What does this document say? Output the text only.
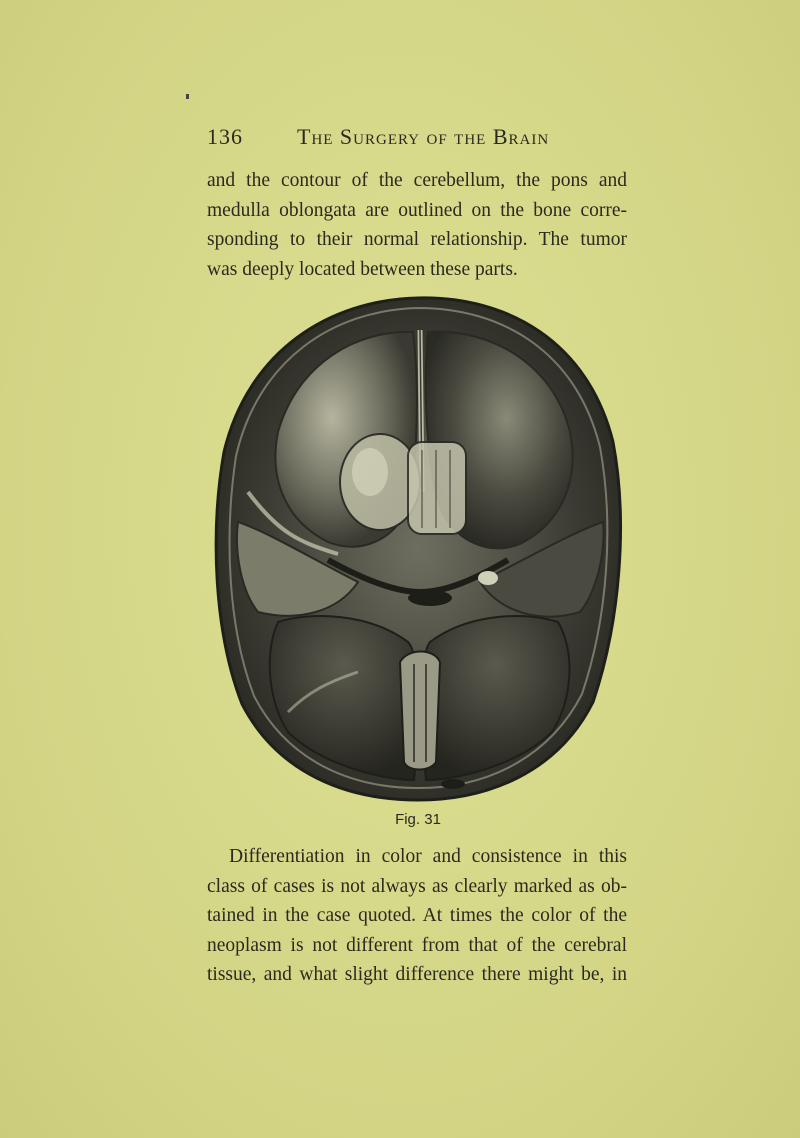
136 The Surgery of the Brain
and the contour of the cerebellum, the pons and
medulla oblongata are outlined on the bone corre-
sponding to their normal relationship. The tumor
was deeply located between these parts.
Fig. 31
Differentiation in color and consistence in this
class of cases is not always as clearly marked as ob-
tained in the case quoted. At times the color of the
neoplasm is not different from that of the cerebral
tissue, and what slight difference there might be, in
